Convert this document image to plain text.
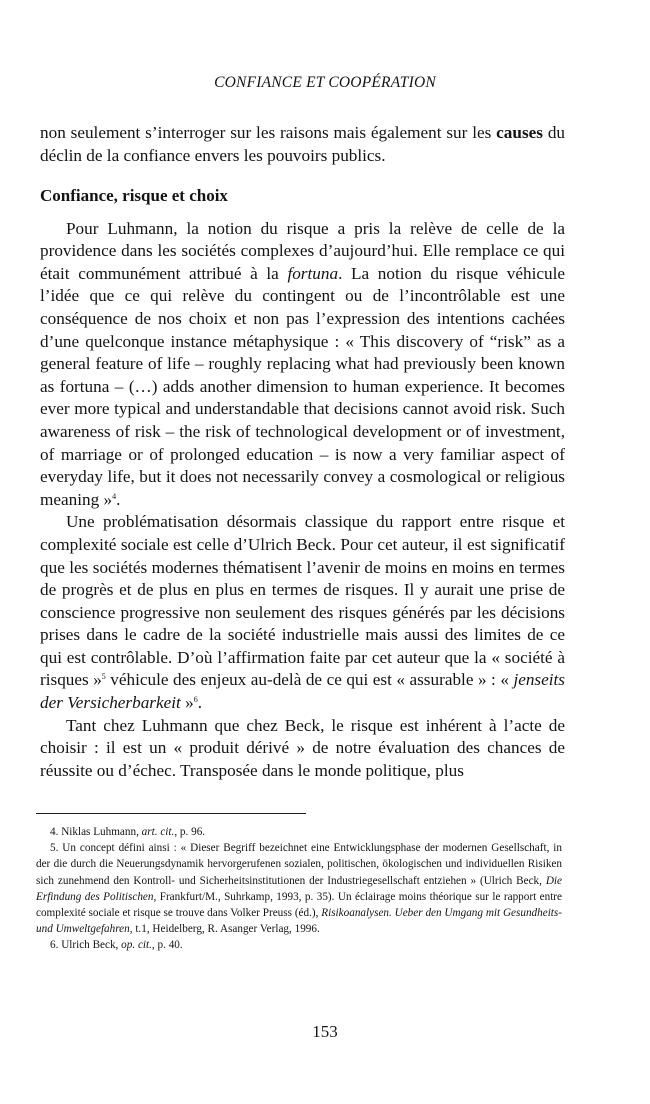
CONFIANCE ET COOPÉRATION

non seulement s’interroger sur les raisons mais également sur les causes du déclin de la confiance envers les pouvoirs publics.

Confiance, risque et choix

Pour Luhmann, la notion du risque a pris la relève de celle de la providence dans les sociétés complexes d’aujourd’hui. Elle remplace ce qui était communément attribué à la fortuna. La notion du risque véhicule l’idée que ce qui relève du contingent ou de l’incontrôlable est une conséquence de nos choix et non pas l’expression des intentions cachées d’une quelconque instance métaphysique : « This discovery of “risk” as a general feature of life – roughly replacing what had previously been known as fortuna – (…) adds another dimension to human experience. It becomes ever more typical and understandable that decisions cannot avoid risk. Such awareness of risk – the risk of technological development or of investment, of marriage or of prolonged education – is now a very familiar aspect of everyday life, but it does not necessarily convey a cosmological or religious meaning »$^4$.

Une problématisation désormais classique du rapport entre risque et complexité sociale est celle d’Ulrich Beck. Pour cet auteur, il est significatif que les sociétés modernes thématisent l’avenir de moins en moins en termes de progrès et de plus en plus en termes de risques. Il y aurait une prise de conscience progressive non seulement des risques générés par les décisions prises dans le cadre de la société industrielle mais aussi des limites de ce qui est contrôlable. D’où l’affirmation faite par cet auteur que la « société à risques »$^5$ véhicule des enjeux au-delà de ce qui est « assurable » : « jenseits der Versicherbarkeit »$^6$.

Tant chez Luhmann que chez Beck, le risque est inhérent à l’acte de choisir : il est un « produit dérivé » de notre évaluation des chances de réussite ou d’échec. Transposée dans le monde politique, plus

4. Niklas Luhmann, art. cit., p. 96.

5. Un concept défini ainsi : « Dieser Begriff bezeichnet eine Entwicklungsphase der modernen Gesellschaft, in der die durch die Neuerungsdynamik hervorgerufenen sozialen, politischen, ökologischen und individuellen Risiken sich zunehmend den Kontroll- und Sicherheitsinstitutionen der Industriegesellschaft entziehen » (Ulrich Beck, Die Erfindung des Politischen, Frankfurt/M., Suhrkamp, 1993, p. 35). Un éclairage moins théorique sur le rapport entre complexité sociale et risque se trouve dans Volker Preuss (éd.), Risikoanalysen. Ueber den Umgang mit Gesundheits- und Umweltgefahren, t.1, Heidelberg, R. Asanger Verlag, 1996.

6. Ulrich Beck, op. cit., p. 40.

153
